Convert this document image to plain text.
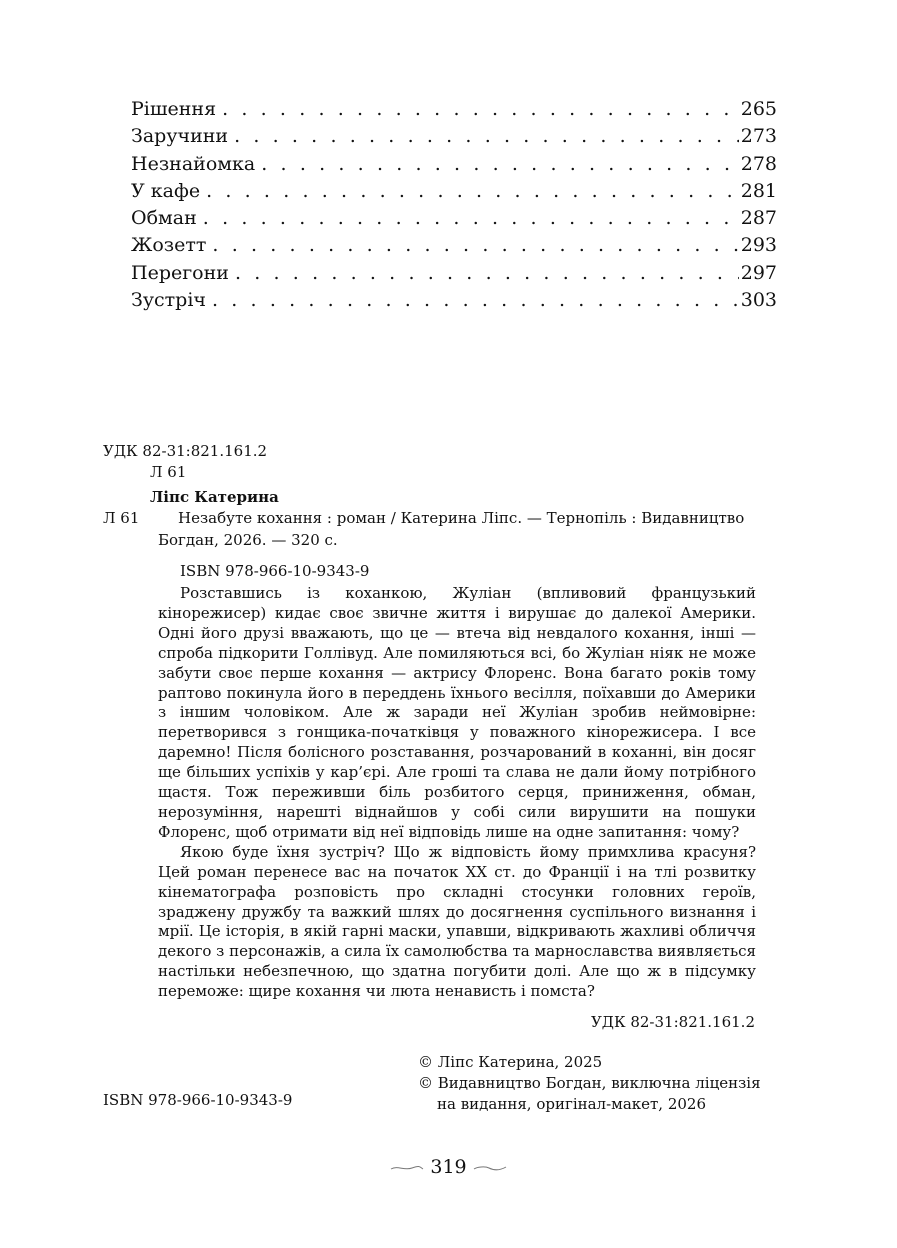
Рішення . . .	265
Заручини . . .	273
Незнайомка . . .	278
У кафе . . .	281
Обман . . .	287
Жозетт . . .	293
Перегони . . .	297
Зустріч . . .	303
УДК 82-31:821.161.2
Л 61
Ліпс Катерина
Л 61	Незабуте кохання : роман / Катерина Ліпс. — Тернопіль : Видавництво
Богдан, 2026. — 320 с.
ISBN 978-966-10-9343-9

Розставшись із коханкою, Жуліан (впливовий французький кінорежисер) кидає своє звичне життя і вирушає до далекої Америки. Одні його друзі вважають, що це — втеча від невдалого кохання, інші — спроба підкорити Голлівуд. Але помиляються всі, бо Жуліан ніяк не може забути своє перше кохання — актрису Флоренс. Вона багато років тому раптово покинула його в переддень їхнього весілля, поїхавши до Америки з іншим чоловіком. Але ж заради неї Жуліан зробив неймовірне: перетворився з гонщика-початківця у поважного кінорежисера. І все даремно! Після болісного розставання, розчарований в коханні, він досяг ще більших успіхів у кар’єрі. Але гроші та слава не дали йому потрібного щастя. Тож переживши біль розбитого серця, приниження, обман, нерозуміння, нарешті віднайшов у собі сили вирушити на пошуки Флоренс, щоб отримати від неї відповідь лише на одне запитання: чому?

Якою буде їхня зустріч? Що ж відповість йому примхлива красуня? Цей роман перенесе вас на початок XX ст. до Франції і на тлі розвитку кінематографа розповість про складні стосунки головних героїв, зраджену дружбу та важкий шлях до досягнення суспільного визнання і мрії. Це історія, в якій гарні маски, упавши, відкривають жахливі обличчя декого з персонажів, а сила їх самолюбства та марнославства виявляється настільки небезпечною, що здатна погубити долі. Але що ж в підсумку переможе: щире кохання чи люта ненависть і помста?

УДК 82-31:821.161.2
© Ліпс Катерина, 2025
© Видавництво Богдан, виключна ліцензія
на видання, оригінал-макет, 2026
ISBN 978-966-10-9343-9
319
